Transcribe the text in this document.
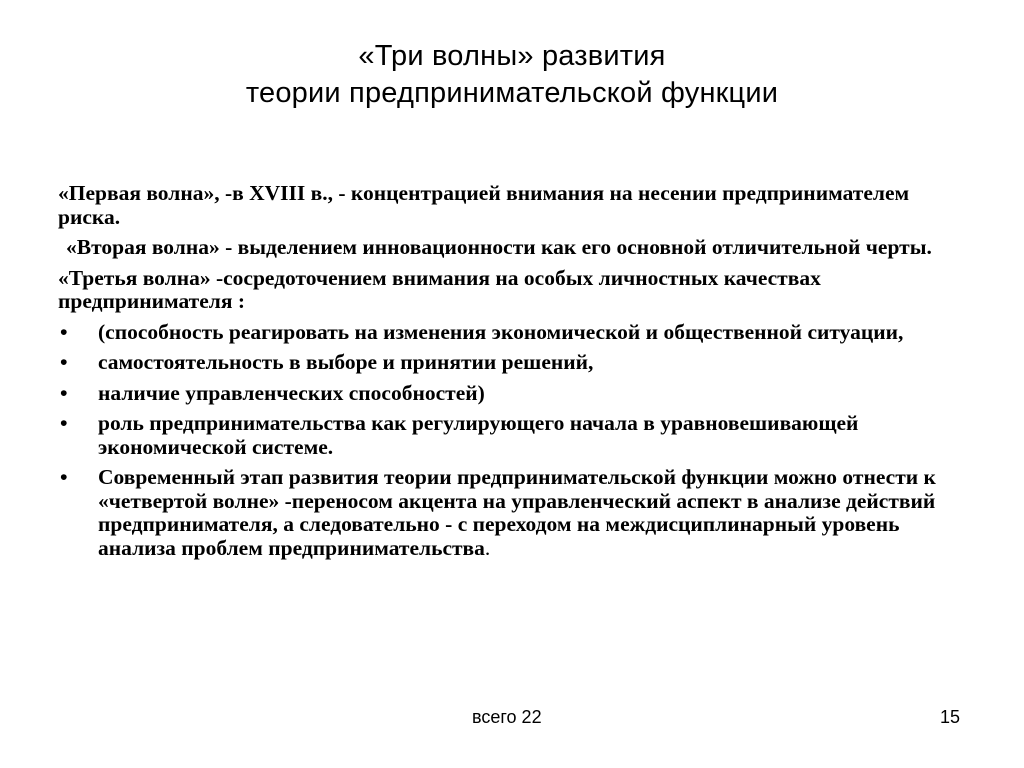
«Три волны» развития
теории предпринимательской функции

«Первая волна», -в XVIII в., - концентрацией внимания на несении предпринимателем риска.

«Вторая волна» - выделением инновационности как его основной отличительной черты.

«Третья волна» -сосредоточением внимания на особых личностных качествах предпринимателя :

• (способность реагировать на изменения экономической и общественной ситуации,
• самостоятельность в выборе и принятии решений,
• наличие управленческих способностей)
• роль предпринимательства как регулирующего начала в уравновешивающей экономической системе.
• Современный этап развития теории предпринимательской функции можно отнести к «четвертой волне» -переносом акцента на управленческий аспект в анализе действий предпринимателя, а следовательно - с переходом на междисциплинарный уровень анализа проблем предпринимательства.
всего 22	15
